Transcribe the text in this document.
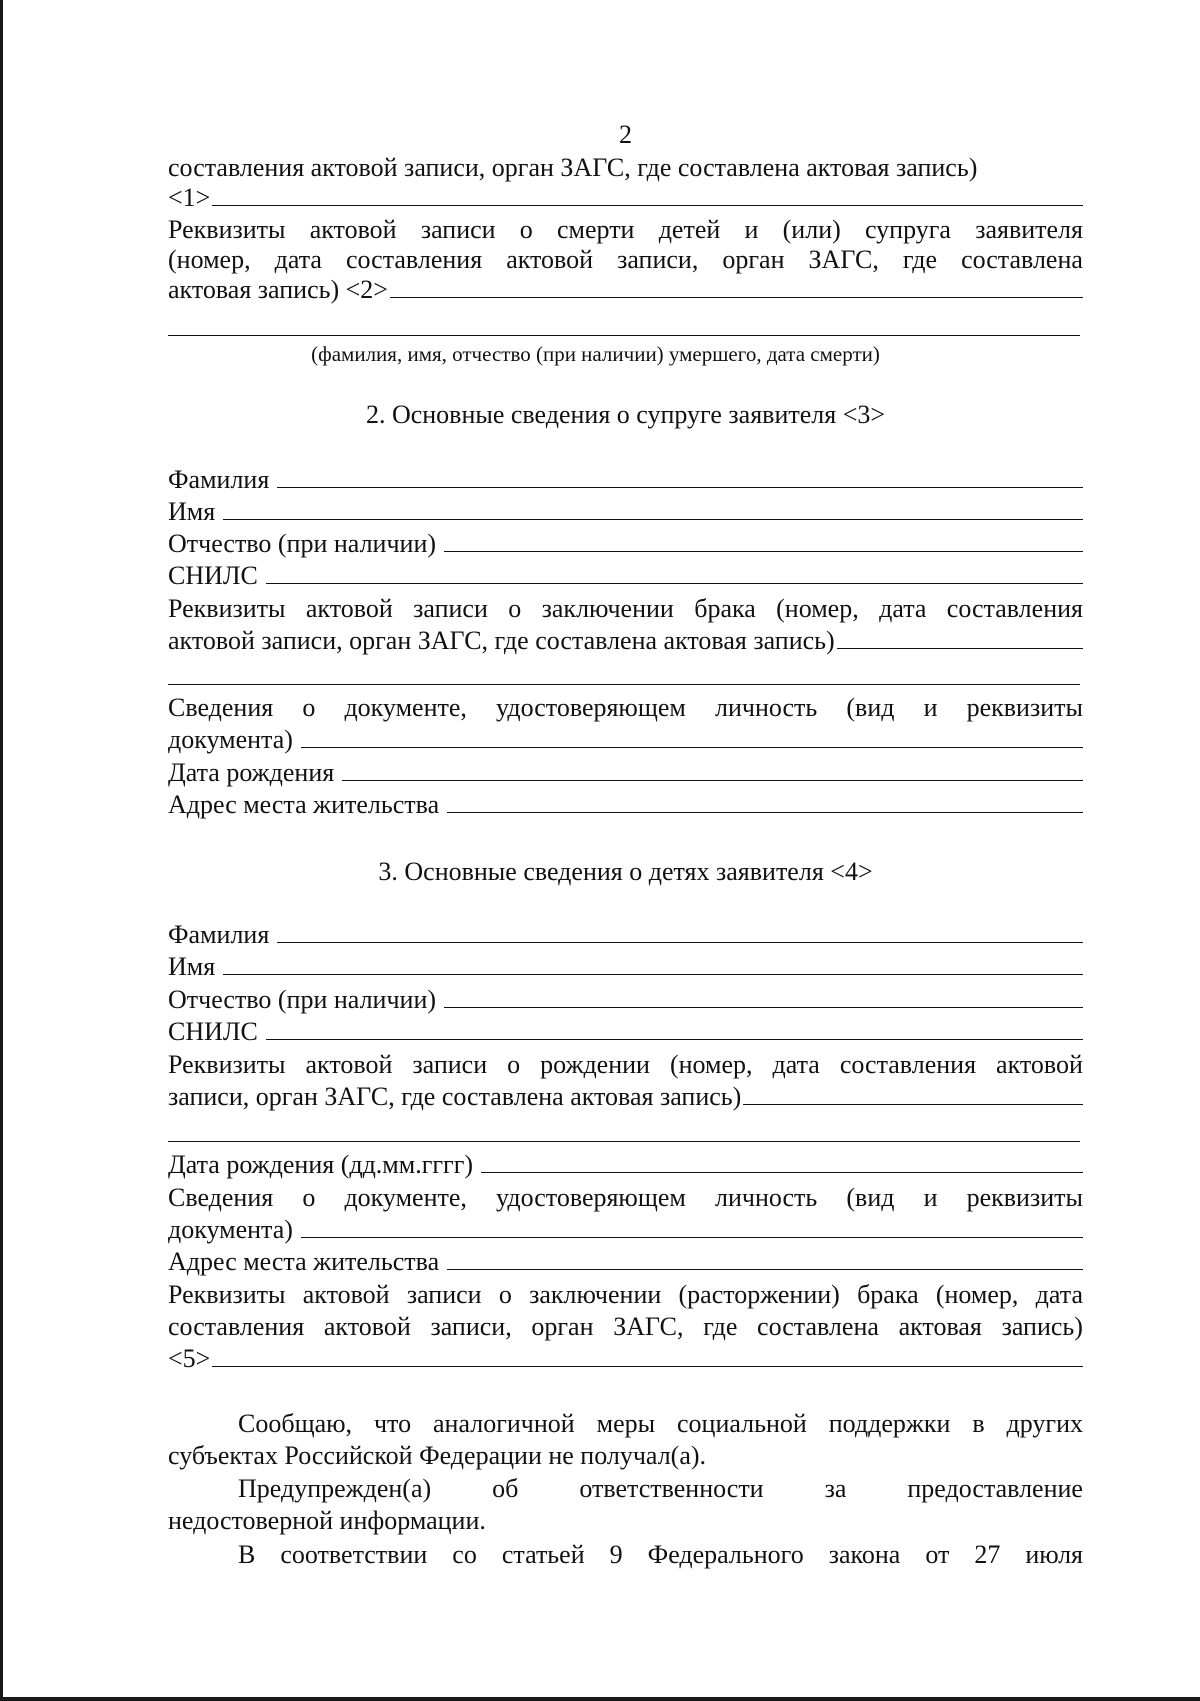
2
составления актовой записи, орган ЗАГС, где составлена актовая запись)
<1>
Реквизиты актовой записи о смерти детей и (или) супруга заявителя
(номер, дата составления актовой записи, орган ЗАГС, где составлена
актовая запись) <2>
(фамилия, имя, отчество (при наличии) умершего, дата смерти)
2. Основные сведения о супруге заявителя <3>
Фамилия
Имя
Отчество (при наличии)
СНИЛС
Реквизиты актовой записи о заключении брака (номер, дата составления
актовой записи, орган ЗАГС, где составлена актовая запись)
Сведения о документе, удостоверяющем личность (вид и реквизиты
документа)
Дата рождения
Адрес места жительства
3. Основные сведения о детях заявителя <4>
Фамилия
Имя
Отчество (при наличии)
СНИЛС
Реквизиты актовой записи о рождении (номер, дата составления актовой
записи, орган ЗАГС, где составлена актовая запись)
Дата рождения (дд.мм.гггг)
Сведения о документе, удостоверяющем личность (вид и реквизиты
документа)
Адрес места жительства
Реквизиты актовой записи о заключении (расторжении) брака (номер, дата
составления актовой записи, орган ЗАГС, где составлена актовая запись)
<5>
Сообщаю, что аналогичной меры социальной поддержки в других
субъектах Российской Федерации не получал(а).
Предупрежден(а) об ответственности за предоставление
недостоверной информации.
В соответствии со статьей 9 Федерального закона от 27 июля
